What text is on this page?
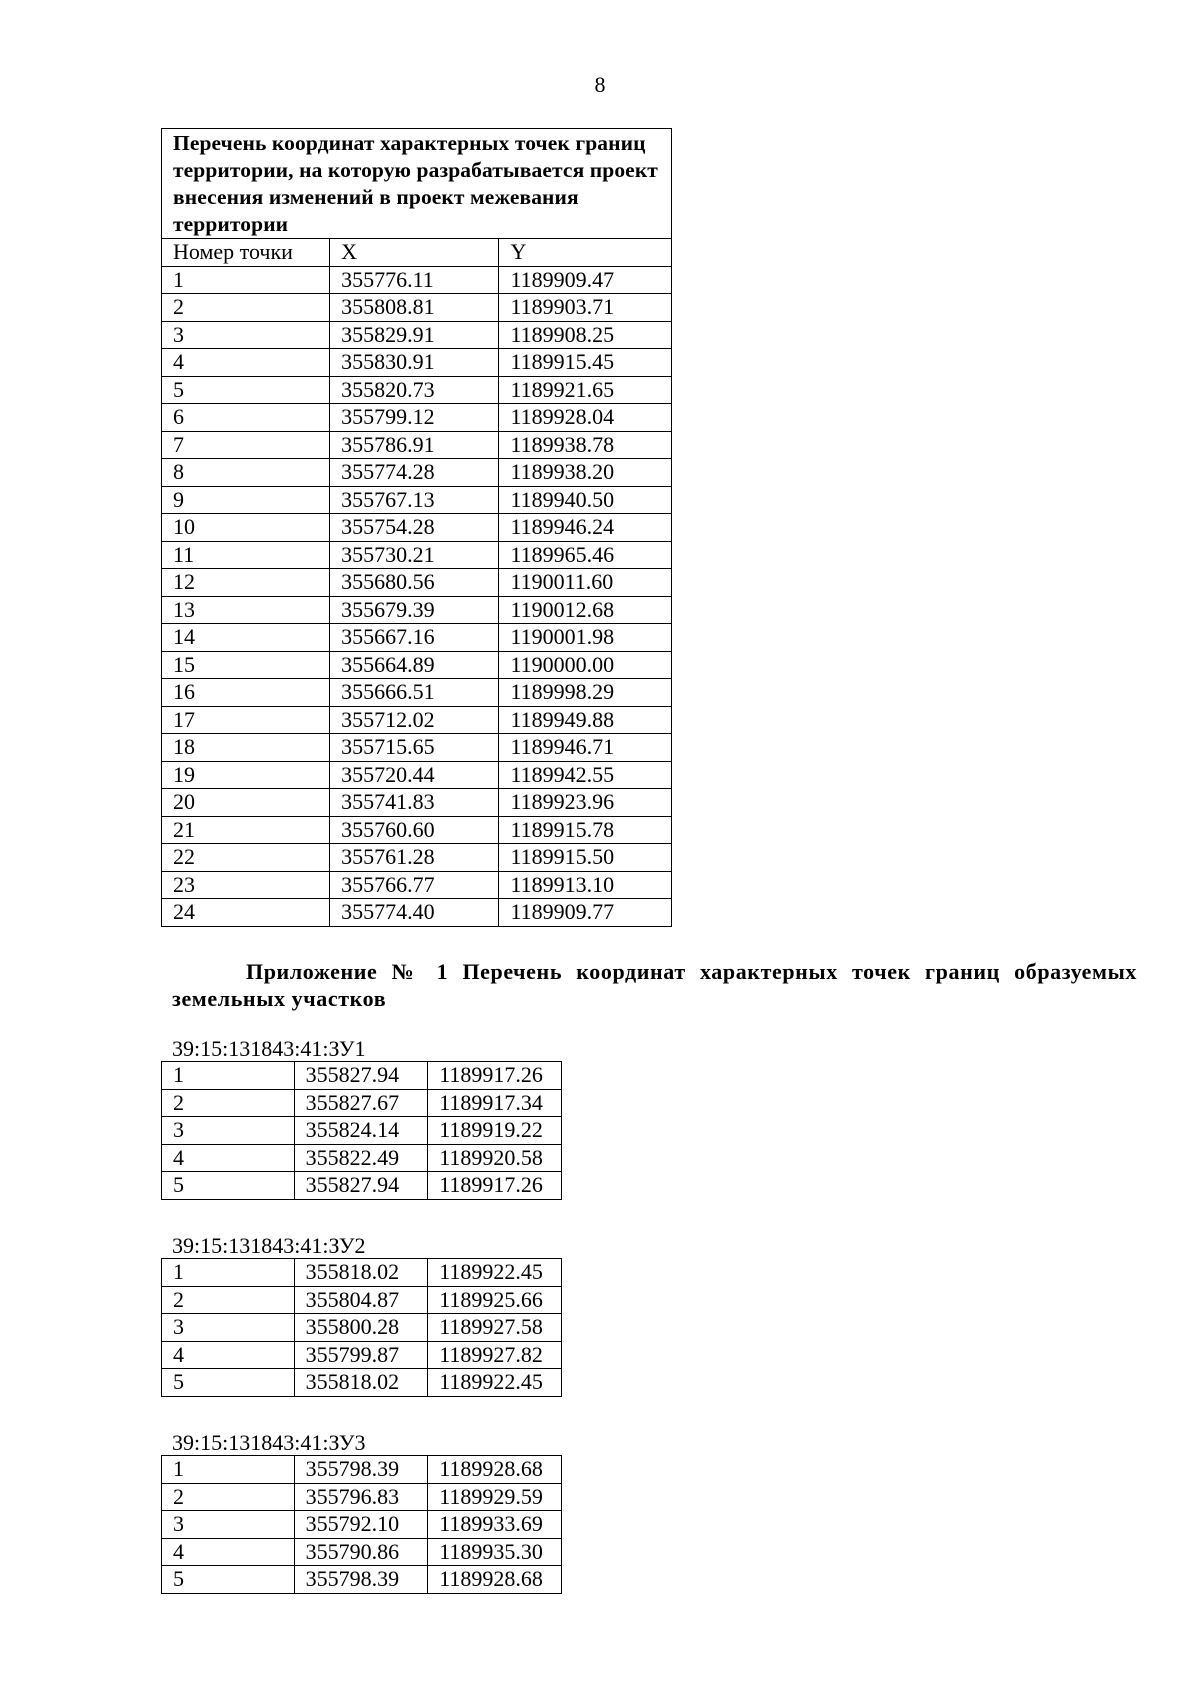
8
Перечень координат характерных точек границ территории, на которую разрабатывается проект внесения изменений в проект межевания территории		
Номер точки	X	Y
1	355776.11	1189909.47
2	355808.81	1189903.71
3	355829.91	1189908.25
4	355830.91	1189915.45
5	355820.73	1189921.65
6	355799.12	1189928.04
7	355786.91	1189938.78
8	355774.28	1189938.20
9	355767.13	1189940.50
10	355754.28	1189946.24
11	355730.21	1189965.46
12	355680.56	1190011.60
13	355679.39	1190012.68
14	355667.16	1190001.98
15	355664.89	1190000.00
16	355666.51	1189998.29
17	355712.02	1189949.88
18	355715.65	1189946.71
19	355720.44	1189942.55
20	355741.83	1189923.96
21	355760.60	1189915.78
22	355761.28	1189915.50
23	355766.77	1189913.10
24	355774.40	1189909.77

Приложение № 1 Перечень координат характерных точек границ образуемых земельных участков

39:15:131843:41:ЗУ1
1	355827.94	1189917.26
2	355827.67	1189917.34
3	355824.14	1189919.22
4	355822.49	1189920.58
5	355827.94	1189917.26
39:15:131843:41:ЗУ2
1	355818.02	1189922.45
2	355804.87	1189925.66
3	355800.28	1189927.58
4	355799.87	1189927.82
5	355818.02	1189922.45
39:15:131843:41:ЗУ3
1	355798.39	1189928.68
2	355796.83	1189929.59
3	355792.10	1189933.69
4	355790.86	1189935.30
5	355798.39	1189928.68
